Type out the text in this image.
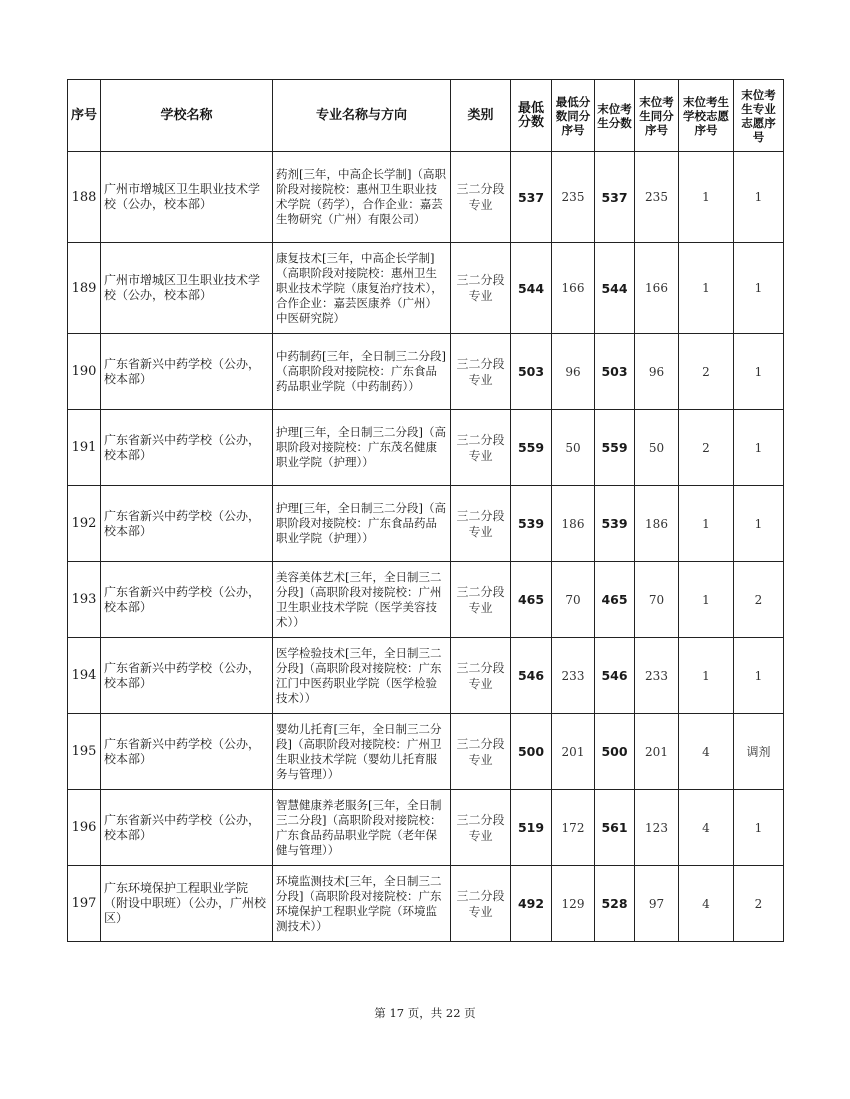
序号	学校名称	专业名称与方向	类别	最低分数	最低分数同分序号	末位考生分数	末位考生同分序号	末位考生学校志愿序号	末位考生专业志愿序号
188	广州市增城区卫生职业技术学校（公办，校本部）	药剂[三年，中高企长学制]（高职阶段对接院校：惠州卫生职业技术学院（药学），合作企业：嘉芸生物研究（广州）有限公司）	三二分段专业	537	235	537	235	1	1
189	广州市增城区卫生职业技术学校（公办，校本部）	康复技术[三年，中高企长学制]（高职阶段对接院校：惠州卫生职业技术学院（康复治疗技术），合作企业：嘉芸医康养（广州）中医研究院）	三二分段专业	544	166	544	166	1	1
190	广东省新兴中药学校（公办，校本部）	中药制药[三年，全日制三二分段]（高职阶段对接院校：广东食品药品职业学院（中药制药））	三二分段专业	503	96	503	96	2	1
191	广东省新兴中药学校（公办，校本部）	护理[三年，全日制三二分段]（高职阶段对接院校：广东茂名健康职业学院（护理））	三二分段专业	559	50	559	50	2	1
192	广东省新兴中药学校（公办，校本部）	护理[三年，全日制三二分段]（高职阶段对接院校：广东食品药品职业学院（护理））	三二分段专业	539	186	539	186	1	1
193	广东省新兴中药学校（公办，校本部）	美容美体艺术[三年，全日制三二分段]（高职阶段对接院校：广州卫生职业技术学院（医学美容技术））	三二分段专业	465	70	465	70	1	2
194	广东省新兴中药学校（公办，校本部）	医学检验技术[三年，全日制三二分段]（高职阶段对接院校：广东江门中医药职业学院（医学检验技术））	三二分段专业	546	233	546	233	1	1
195	广东省新兴中药学校（公办，校本部）	婴幼儿托育[三年，全日制三二分段]（高职阶段对接院校：广州卫生职业技术学院（婴幼儿托育服务与管理））	三二分段专业	500	201	500	201	4	调剂
196	广东省新兴中药学校（公办，校本部）	智慧健康养老服务[三年，全日制三二分段]（高职阶段对接院校：广东食品药品职业学院（老年保健与管理））	三二分段专业	519	172	561	123	4	1
197	广东环境保护工程职业学院（附设中职班）（公办，广州校区）	环境监测技术[三年，全日制三二分段]（高职阶段对接院校：广东环境保护工程职业学院（环境监测技术））	三二分段专业	492	129	528	97	4	2
第 17 页，共 22 页
